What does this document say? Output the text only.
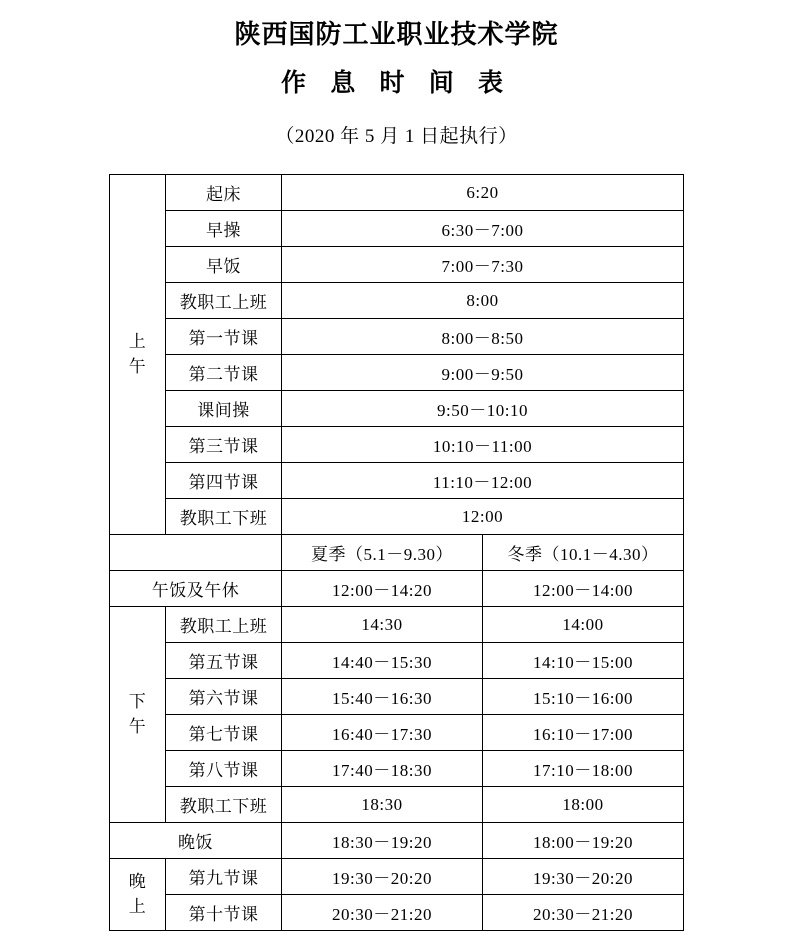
陕西国防工业职业技术学院
作 息 时 间 表
（2020 年 5 月 1 日起执行）
上
午	起床	6:20	
	早操	6:30－7:00	
	早饭	7:00－7:30	
	教职工上班	8:00	
	第一节课	8:00－8:50	
	第二节课	9:00－9:50	
	课间操	9:50－10:10	
	第三节课	10:10－11:00	
	第四节课	11:10－12:00	
	教职工下班	12:00	
		夏季（5.1－9.30）	冬季（10.1－4.30）
午饭及午休		12:00－14:20	12:00－14:00
下
午	教职工上班	14:30	14:00
	第五节课	14:40－15:30	14:10－15:00
	第六节课	15:40－16:30	15:10－16:00
	第七节课	16:40－17:30	16:10－17:00
	第八节课	17:40－18:30	17:10－18:00
	教职工下班	18:30	18:00
晚饭		18:30－19:20	18:00－19:20
晚
上	第九节课	19:30－20:20	19:30－20:20
	第十节课	20:30－21:20	20:30－21:20
